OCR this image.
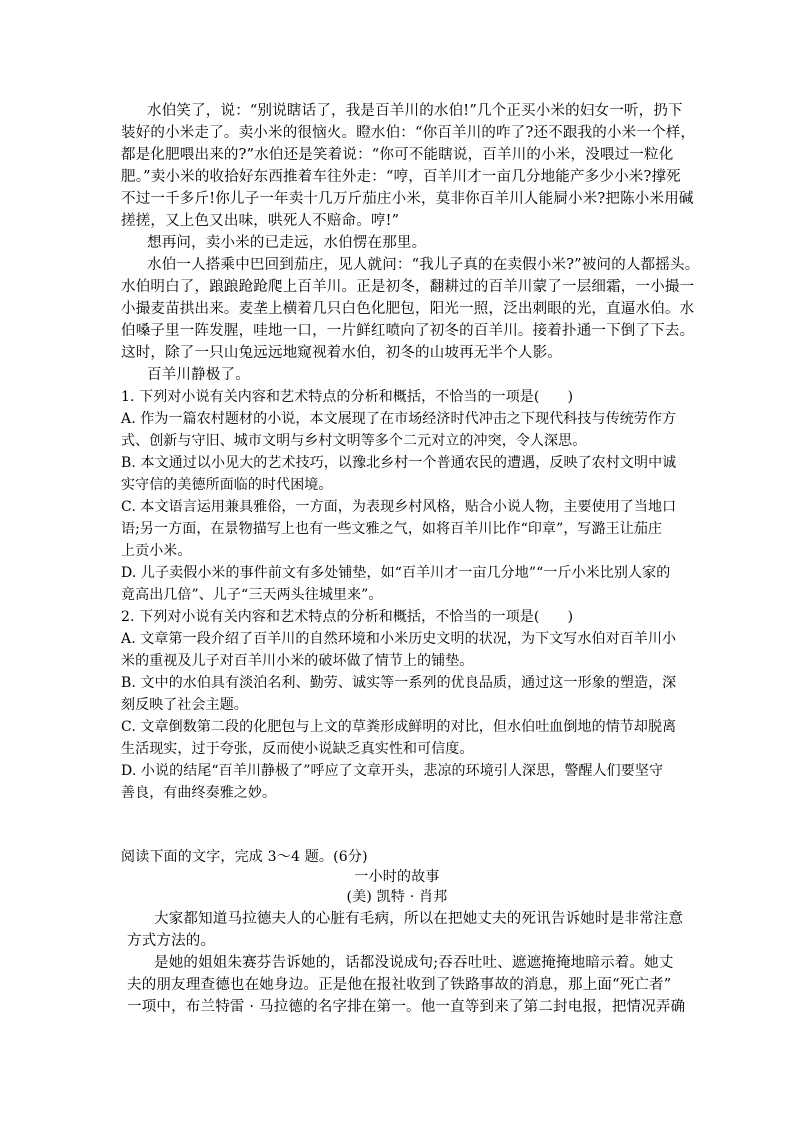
水伯笑了，说：“别说瞎话了，我是百羊川的水伯!”几个正买小米的妇女一听，扔下

装好的小米走了。卖小米的很恼火。瞪水伯：“你百羊川的咋了?还不跟我的小米一个样，

都是化肥喂出来的?”水伯还是笑着说：“你可不能瞎说，百羊川的小米，没喂过一粒化

肥。”卖小米的收拾好东西推着车往外走：“哼，百羊川才一亩几分地能产多少小米?撑死

不过一千多斤!你儿子一年卖十几万斤茄庄小米，莫非你百羊川人能屙小米?把陈小米用碱

搓搓，又上色又出味，哄死人不赔命。哼!”

想再问，卖小米的已走远，水伯愣在那里。

水伯一人搭乘中巴回到茄庄，见人就问：“我儿子真的在卖假小米?”被问的人都摇头。

水伯明白了，踉踉跄跄爬上百羊川。正是初冬，翻耕过的百羊川蒙了一层细霜，一小撮一

小撮麦苗拱出来。麦垄上横着几只白色化肥包，阳光一照，泛出刺眼的光，直逼水伯。水

伯嗓子里一阵发腥，哇地一口，一片鲜红喷向了初冬的百羊川。接着扑通一下倒了下去。

这时，除了一只山兔远远地窥视着水伯，初冬的山坡再无半个人影。

百羊川静极了。

1. 下列对小说有关内容和艺术特点的分析和概括，不恰当的一项是(　　)

A. 作为一篇农村题材的小说，本文展现了在市场经济时代冲击之下现代科技与传统劳作方

式、创新与守旧、城市文明与乡村文明等多个二元对立的冲突，令人深思。

B. 本文通过以小见大的艺术技巧，以豫北乡村一个普通农民的遭遇，反映了农村文明中诚

实守信的美德所面临的时代困境。

C. 本文语言运用兼具雅俗，一方面，为表现乡村风格，贴合小说人物，主要使用了当地口

语;另一方面，在景物描写上也有一些文雅之气，如将百羊川比作“印章”，写潞王让茄庄

上贡小米。

D. 儿子卖假小米的事件前文有多处铺垫，如“百羊川才一亩几分地”“一斤小米比别人家的

竟高出几倍”、儿子“三天两头往城里来”。

2. 下列对小说有关内容和艺术特点的分析和概括，不恰当的一项是(　　)

A. 文章第一段介绍了百羊川的自然环境和小米历史文明的状况，为下文写水伯对百羊川小

米的重视及儿子对百羊川小米的破坏做了情节上的铺垫。

B. 文中的水伯具有淡泊名利、勤劳、诚实等一系列的优良品质，通过这一形象的塑造，深

刻反映了社会主题。

C. 文章倒数第二段的化肥包与上文的草粪形成鲜明的对比，但水伯吐血倒地的情节却脱离

生活现实，过于夸张，反而使小说缺乏真实性和可信度。

D. 小说的结尾“百羊川静极了”呼应了文章开头，悲凉的环境引人深思，警醒人们要坚守

善良，有曲终奏雅之妙。

阅读下面的文字，完成 3～4 题。(6分)

一小时的故事

(美) 凯特 · 肖邦

大家都知道马拉德夫人的心脏有毛病，所以在把她丈夫的死讯告诉她时是非常注意

方式方法的。

是她的姐姐朱赛芬告诉她的，话都没说成句;吞吞吐吐、遮遮掩掩地暗示着。她丈

夫的朋友理查德也在她身边。正是他在报社收到了铁路事故的消息，那上面“死亡者”

一项中，布兰特雷 · 马拉德的名字排在第一。他一直等到来了第二封电报，把情况弄确
